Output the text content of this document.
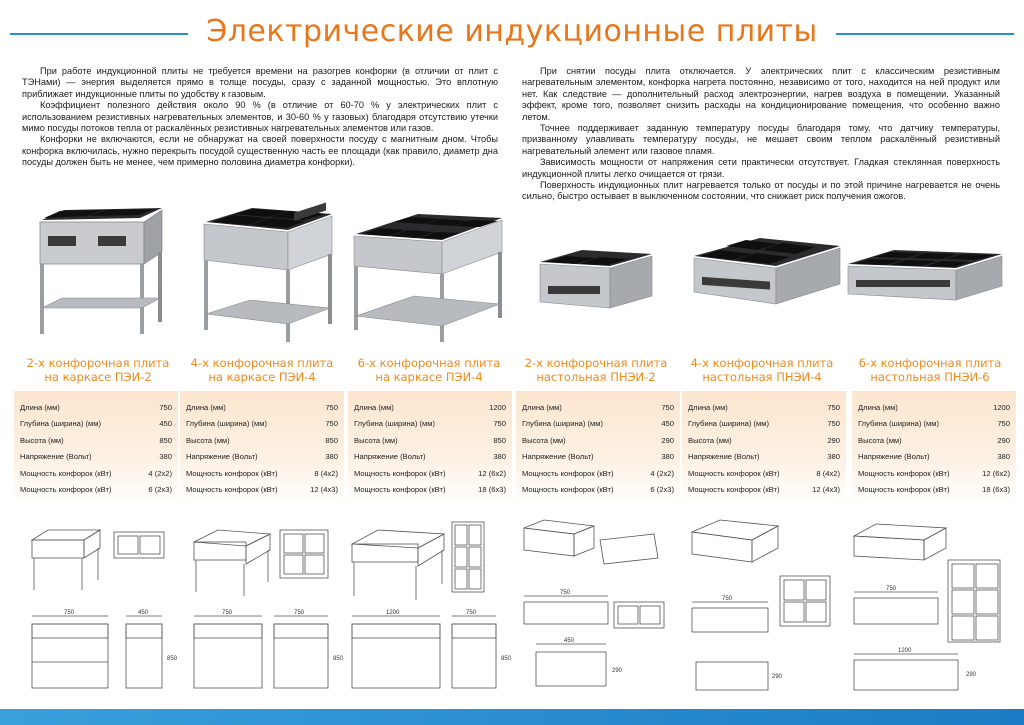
Электрические индукционные плиты

При работе индукционной плиты не требуется времени на разогрев конфорки (в отличии от плит с ТЭНами) — энергия выделяется прямо в толще посуды, сразу с заданной мощностью. Это вплотную приближает индукционные плиты по удобству к газовым.

Коэффициент полезного действия около 90 % (в отличие от 60-70 % у электрических плит с использованием резистивных нагревательных элементов, и 30-60 % у газовых) благодаря отсутствию утечки мимо посуды потоков тепла от раскалённых резистивных нагревательных элементов или газов.

Конфорки не включаются, если не обнаружат на своей поверхности посуду с магнитным дном. Чтобы конфорка включилась, нужно перекрыть посудой существенную часть ее площади (как правило, диаметр дна посуды должен быть не менее, чем примерно половина диаметра конфорки).

При снятии посуды плита отключается. У электрических плит с классическим резистивным нагревательным элементом, конфорка нагрета постоянно, независимо от того, находится на ней продукт или нет. Как следствие — дополнительный расход электроэнергии, нагрев воздуха в помещении. Указанный эффект, кроме того, позволяет снизить расходы на кондиционирование помещения, что особенно важно летом.

Точнее поддерживает заданную температуру посуды благодаря тому, что датчику температуры, призванному улавливать температуру посуды, не мешает своим теплом раскалённый резистивный нагревательный элемент или газовое пламя.

Зависимость мощности от напряжения сети практически отсутствует. Гладкая стеклянная поверхность индукционной плиты легко очищается от грязи.

Поверхность индукционных плит нагревается только от посуды и по этой причине нагревается не очень сильно, быстро остывает в выключенном состоянии, что снижает риск получения ожогов.

2-х конфорочная плита
на каркасе ПЭИ-2
4-х конфорочная плита
на каркасе ПЭИ-4
6-х конфорочная плита
на каркасе ПЭИ-4
2-х конфорочная плита
настольная ПНЭИ-2
4-х конфорочная плита
настольная ПНЭИ-4
6-х конфорочная плита
настольная ПНЭИ-6
Длина (мм)	750
Глубина (ширина) (мм)	450
Высота (мм)	850
Напряжение (Вольт)	380
Мощность конфорок (кВт)	4 (2х2)
Мощность конфорок (кВт)	6 (2х3)
Длина (мм)	750
Глубина (ширина) (мм)	750
Высота (мм)	850
Напряжение (Вольт)	380
Мощность конфорок (кВт)	8 (4х2)
Мощность конфорок (кВт)	12 (4х3)
Длина (мм)	1200
Глубина (ширина) (мм)	750
Высота (мм)	850
Напряжение (Вольт)	380
Мощность конфорок (кВт)	12 (6х2)
Мощность конфорок (кВт)	18 (6х3)
Длина (мм)	750
Глубина (ширина) (мм)	450
Высота (мм)	290
Напряжение (Вольт)	380
Мощность конфорок (кВт)	4 (2х2)
Мощность конфорок (кВт)	6 (2х3)
Длина (мм)	750
Глубина (ширина) (мм)	750
Высота (мм)	290
Напряжение (Вольт)	380
Мощность конфорок (кВт)	8 (4х2)
Мощность конфорок (кВт)	12 (4х3)
Длина (мм)	1200
Глубина (ширина) (мм)	750
Высота (мм)	290
Напряжение (Вольт)	380
Мощность конфорок (кВт)	12 (6х2)
Мощность конфорок (кВт)	18 (6х3)
750	450
850
750	750
850
1200	750
850
750
450
290
750
290
750
1200
290
